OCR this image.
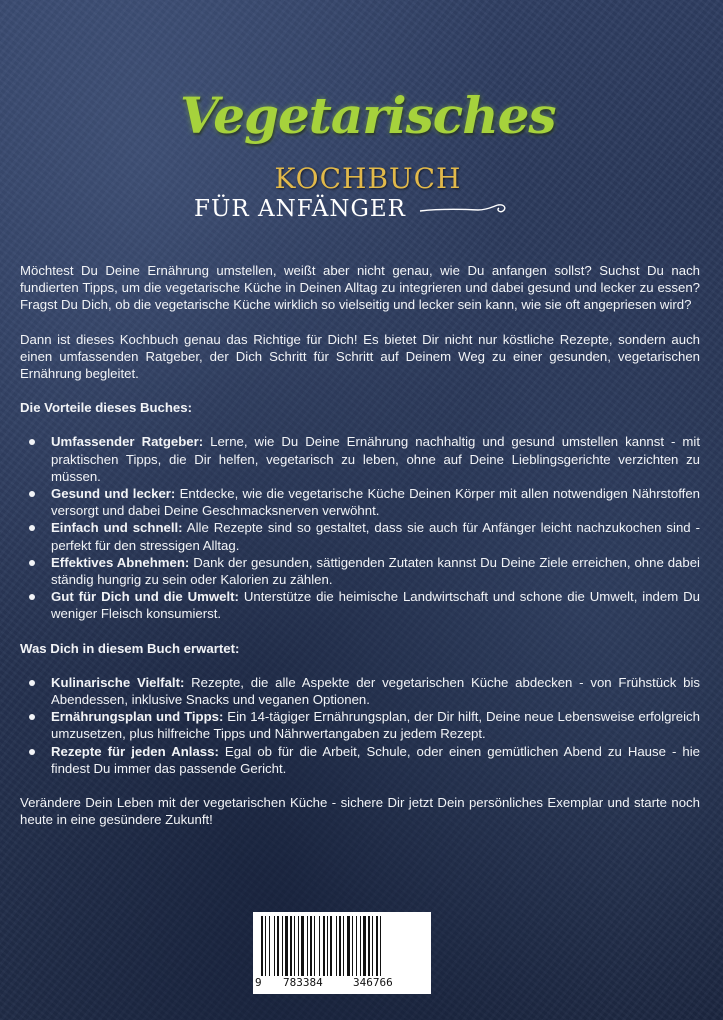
Vegetarisches
KOCHBUCH
FÜR ANFÄNGER

Möchtest Du Deine Ernährung umstellen, weißt aber nicht genau, wie Du anfangen sollst? Suchst Du nach fundierten Tipps, um die vegetarische Küche in Deinen Alltag zu integrieren und dabei gesund und lecker zu essen? Fragst Du Dich, ob die vegetarische Küche wirklich so vielseitig und lecker sein kann, wie sie oft angepriesen wird?

Dann ist dieses Kochbuch genau das Richtige für Dich! Es bietet Dir nicht nur köstliche Rezepte, sondern auch einen umfassenden Ratgeber, der Dich Schritt für Schritt auf Deinem Weg zu einer gesunden, vegetarischen Ernährung begleitet.

Die Vorteile dieses Buches:
Umfassender Ratgeber: Lerne, wie Du Deine Ernährung nachhaltig und gesund umstellen kannst - mit praktischen Tipps, die Dir helfen, vegetarisch zu leben, ohne auf Deine Lieblingsgerichte verzichten zu müssen.
Gesund und lecker: Entdecke, wie die vegetarische Küche Deinen Körper mit allen notwendigen Nährstoffen versorgt und dabei Deine Geschmacksnerven verwöhnt.
Einfach und schnell: Alle Rezepte sind so gestaltet, dass sie auch für Anfänger leicht nachzukochen sind - perfekt für den stressigen Alltag.
Effektives Abnehmen: Dank der gesunden, sättigenden Zutaten kannst Du Deine Ziele erreichen, ohne dabei ständig hungrig zu sein oder Kalorien zu zählen.
Gut für Dich und die Umwelt: Unterstütze die heimische Landwirtschaft und schone die Umwelt, indem Du weniger Fleisch konsumierst.
Was Dich in diesem Buch erwartet:
Kulinarische Vielfalt: Rezepte, die alle Aspekte der vegetarischen Küche abdecken - von Frühstück bis Abendessen, inklusive Snacks und veganen Optionen.
Ernährungsplan und Tipps: Ein 14-tägiger Ernährungsplan, der Dir hilft, Deine neue Lebensweise erfolgreich umzusetzen, plus hilfreiche Tipps und Nährwertangaben zu jedem Rezept.
Rezepte für jeden Anlass: Egal ob für die Arbeit, Schule, oder einen gemütlichen Abend zu Hause - hie findest Du immer das passende Gericht.

Verändere Dein Leben mit der vegetarischen Küche - sichere Dir jetzt Dein persönliches Exemplar und starte noch heute in eine gesündere Zukunft!

9 783384	346766
